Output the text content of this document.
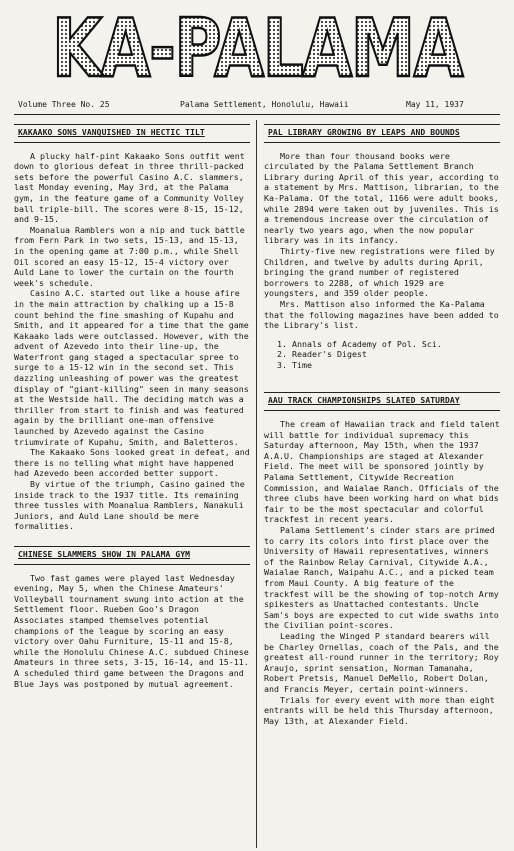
KA-PALAMA
Volume Three No. 25	Palama Settlement, Honolulu, Hawaii	May 11, 1937
KAKAAKO SONS VANQUISHED IN HECTIC TILT

A plucky half-pint Kakaako Sons outfit went down to glorious defeat in three thrill-packed sets before the powerful Casino A.C. slammers, last Monday evening, May 3rd, at the Palama gym, in the feature game of a Community Volley ball triple-bill. The scores were 8-15, 15-12, and 9-15.

Moanalua Ramblers won a nip and tuck battle from Fern Park in two sets, 15-13, and 15-13, in the opening game at 7:00 p.m., while Shell Oil scored an easy 15-12, 15-4 victory over Auld Lane to lower the curtain on the fourth week's schedule.

Casino A.C. started out like a house afire in the main attraction by chalking up a 15-8 count behind the fine smashing of Kupahu and Smith, and it appeared for a time that the game Kakaako lads were outclassed. However, with the advent of Azevedo into their line-up, the Waterfront gang staged a spectacular spree to surge to a 15-12 win in the second set. This dazzling unleashing of power was the greatest display of "giant-killing" seen in many seasons at the Westside hall. The deciding match was a thriller from start to finish and was featured again by the brilliant one-man offensive launched by Azevedo against the Casino triumvirate of Kupahu, Smith, and Baletteros.

The Kakaako Sons looked great in defeat, and there is no telling what might have happened had Azevedo been accorded better support.

By virtue of the triumph, Casino gained the inside track to the 1937 title. Its remaining three tussles with Moanalua Ramblers, Nanakuli Juniors, and Auld Lane should be mere formalities.

CHINESE SLAMMERS SHOW IN PALAMA GYM

Two fast games were played last Wednesday evening, May 5, when the Chinese Amateurs' Volleyball tournament swung into action at the Settlement floor. Rueben Goo's Dragon Associates stamped themselves potential champions of the league by scoring an easy victory over Oahu Furniture, 15-11 and 15-8, while the Honolulu Chinese A.C. subdued Chinese Amateurs in three sets, 3-15, 16-14, and 15-11. A scheduled third game between the Dragons and Blue Jays was postponed by mutual agreement.

PAL LIBRARY GROWING BY LEAPS AND BOUNDS

More than four thousand books were circulated by the Palama Settlement Branch Library during April of this year, according to a statement by Mrs. Mattison, librarian, to the Ka-Palama. Of the total, 1166 were adult books, while 2894 were taken out by juveniles. This is a tremendous increase over the circulation of nearly two years ago, when the now popular library was in its infancy.

Thirty-five new registrations were filed by Children, and twelve by adults during April, bringing the grand number of registered borrowers to 2288, of which 1929 are youngsters, and 359 older people.

Mrs. Mattison also informed the Ka-Palama that the following magazines have been added to the Library's list.

1. Annals of Academy of Pol. Sci.
2. Reader's Digest
3. Time
AAU TRACK CHAMPIONSHIPS SLATED SATURDAY

The cream of Hawaiian track and field talent will battle for individual supremacy this Saturday afternoon, May 15th, when the 1937 A.A.U. Championships are staged at Alexander Field. The meet will be sponsored jointly by Palama Settlement, Citywide Recreation Commission, and Waialae Ranch. Officials of the three clubs have been working hard on what bids fair to be the most spectacular and colorful trackfest in recent years.

Palama Settlement's cinder stars are primed to carry its colors into first place over the University of Hawaii representatives, winners of the Rainbow Relay Carnival, Citywide A.A., Waialae Ranch, Waipahu A.C., and a picked team from Maui County. A big feature of the trackfest will be the showing of top-notch Army spikesters as Unattached contestants. Uncle Sam's boys are expected to cut wide swaths into the Civilian point-scores.

Leading the Winged P standard bearers will be Charley Ornellas, coach of the Pals, and the greatest all-round runner in the territory; Roy Araujo, sprint sensation, Norman Tamanaha, Robert Pretsis, Manuel DeMello, Robert Dolan, and Francis Meyer, certain point-winners.

Trials for every event with more than eight entrants will be held this Thursday afternoon, May 13th, at Alexander Field.
